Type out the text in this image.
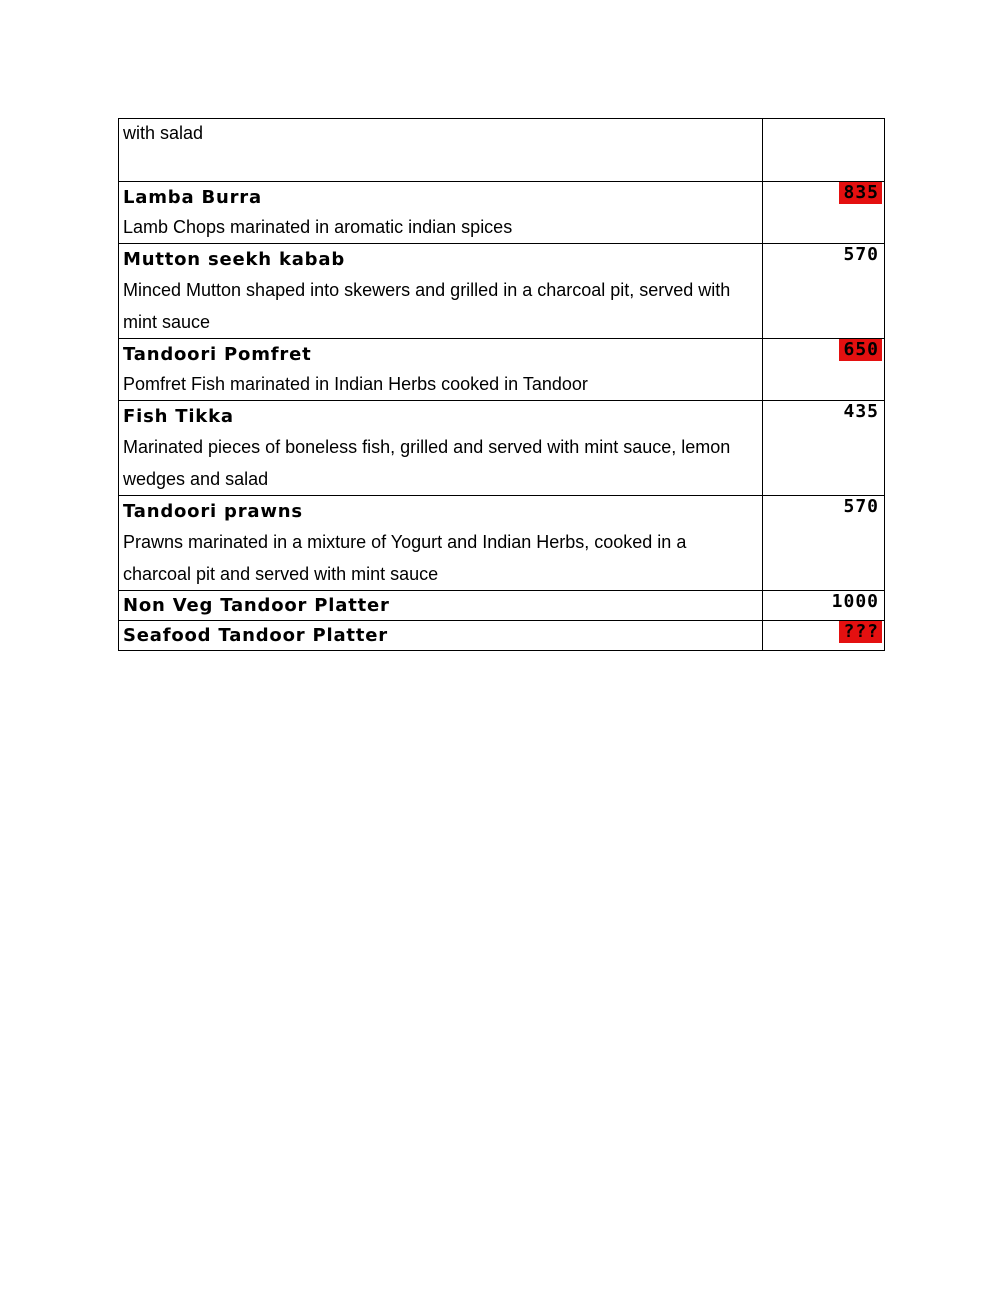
with salad	

Lamba Burra
Lamb Chops marinated in aromatic indian spices	835

Mutton seekh kabab
Minced Mutton shaped into skewers and grilled in a charcoal pit, served with mint sauce	570

Tandoori Pomfret
Pomfret Fish marinated in Indian Herbs cooked in Tandoor	650

Fish Tikka
Marinated pieces of boneless fish, grilled and served with mint sauce, lemon wedges and salad	435

Tandoori prawns
Prawns marinated in a mixture of Yogurt and Indian Herbs, cooked in a charcoal pit and served with mint sauce	570

Non Veg Tandoor Platter	1000

Seafood Tandoor Platter	???
